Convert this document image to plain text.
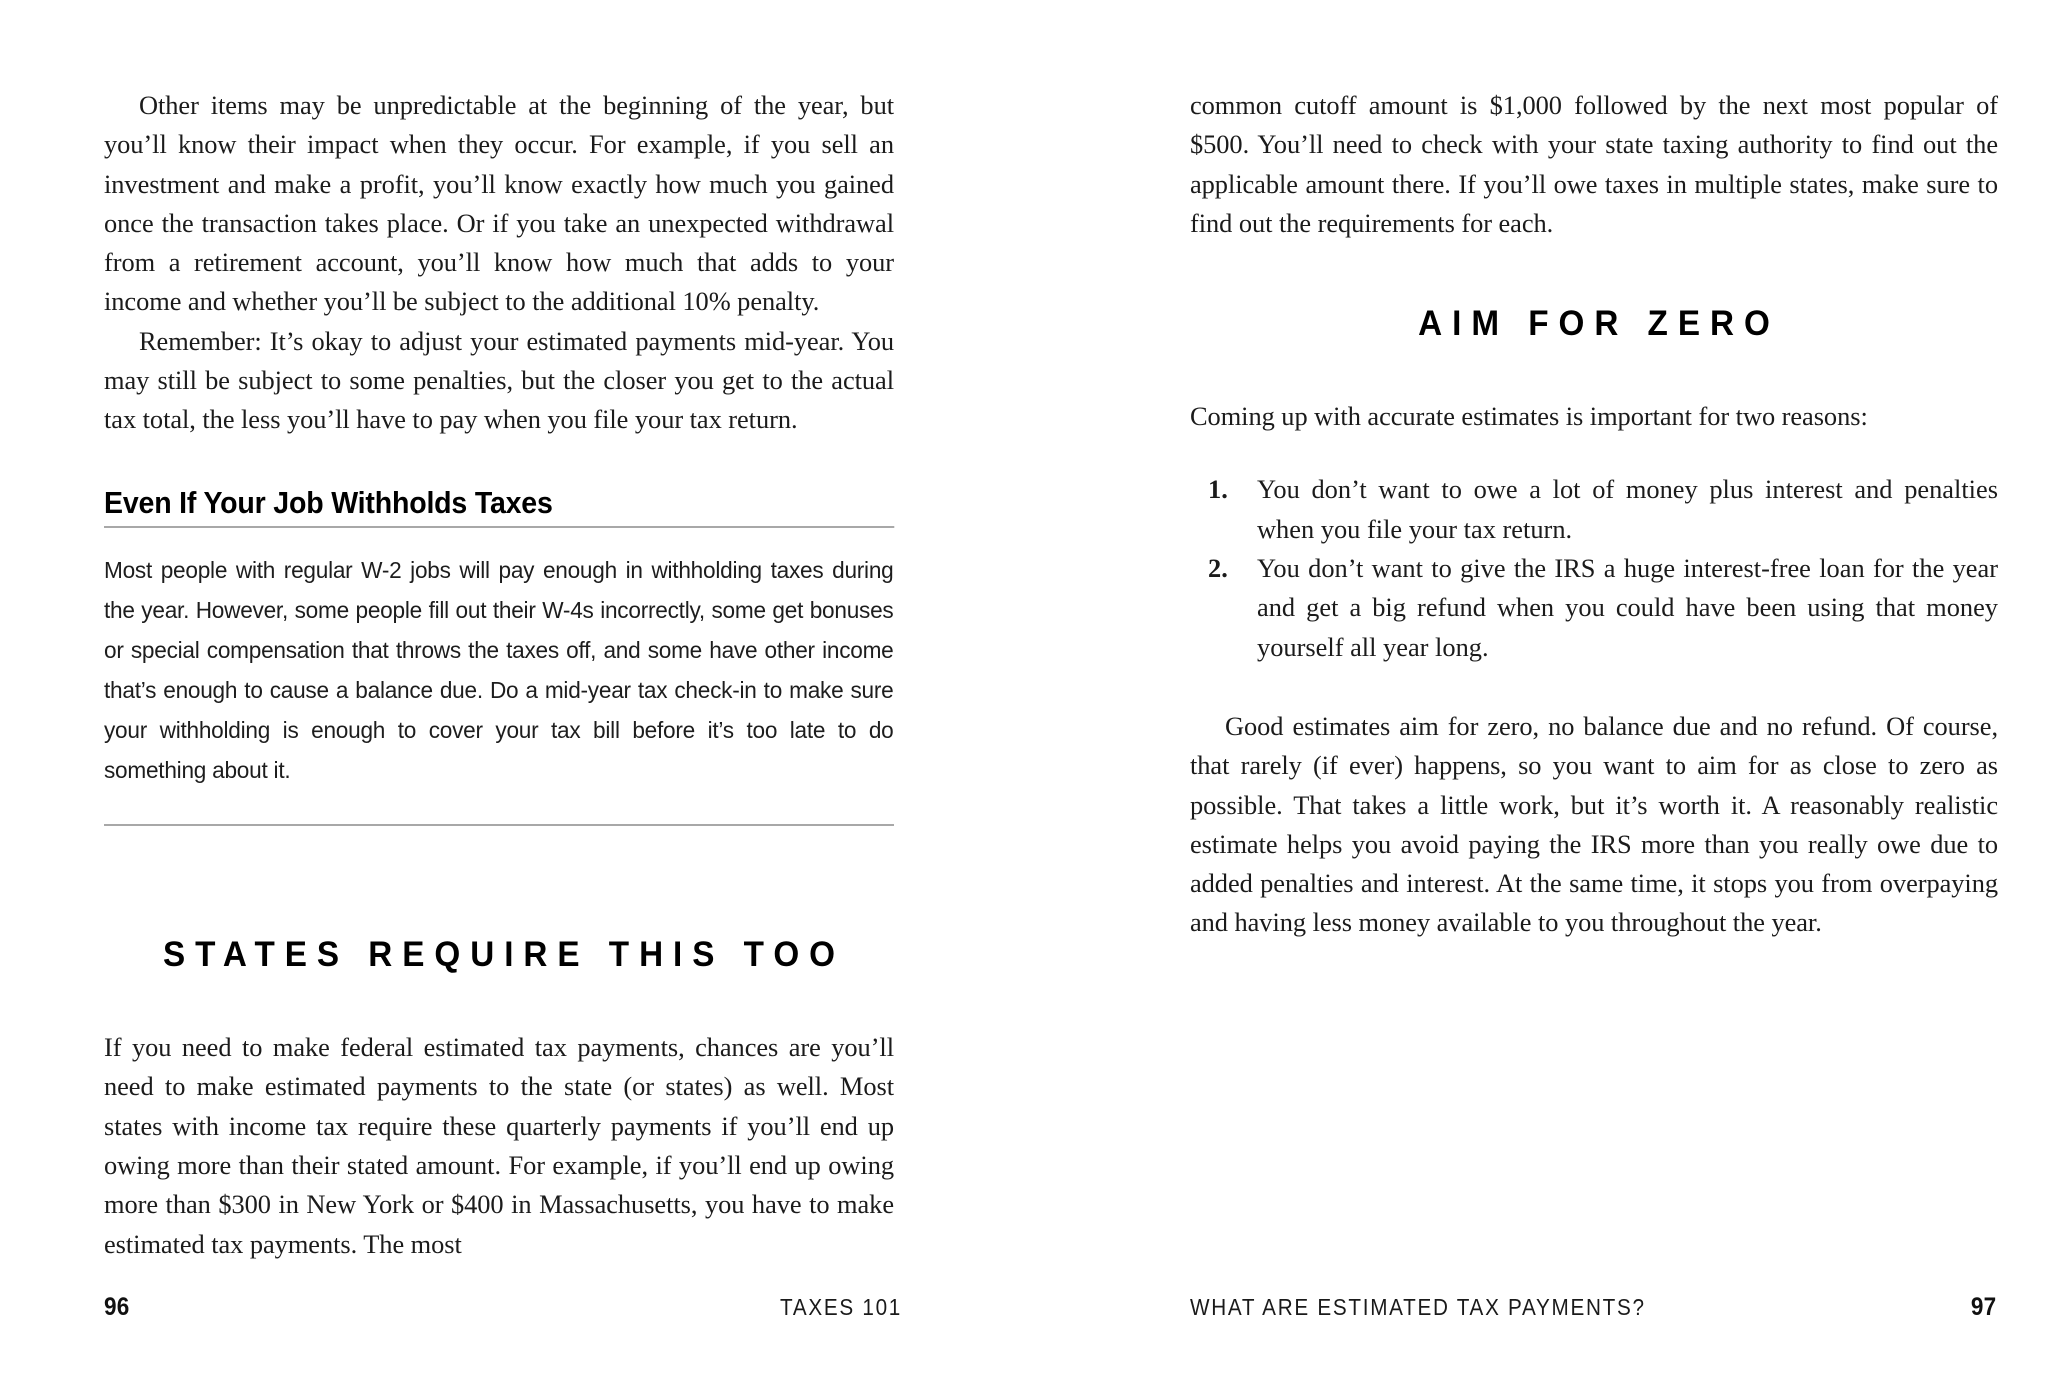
Other items may be unpredictable at the beginning of the year, but you’ll know their impact when they occur. For example, if you sell an investment and make a profit, you’ll know exactly how much you gained once the transaction takes place. Or if you take an unexpected withdrawal from a retirement account, you’ll know how much that adds to your income and whether you’ll be subject to the additional 10% penalty.

Remember: It’s okay to adjust your estimated payments mid-year. You may still be subject to some penalties, but the closer you get to the actual tax total, the less you’ll have to pay when you file your tax return.

Even If Your Job Withholds Taxes

Most people with regular W-2 jobs will pay enough in withholding taxes during the year. However, some people fill out their W-4s incorrectly, some get bonuses or special compensation that throws the taxes off, and some have other income that’s enough to cause a balance due. Do a mid-year tax check-in to make sure your withholding is enough to cover your tax bill before it’s too late to do something about it.

STATES REQUIRE THIS TOO

If you need to make federal estimated tax payments, chances are you’ll need to make estimated payments to the state (or states) as well. Most states with income tax require these quarterly payments if you’ll end up owing more than their stated amount. For example, if you’ll end up owing more than $300 in New York or $400 in Massachusetts, you have to make estimated tax payments. The most

common cutoff amount is $1,000 followed by the next most popular of $500. You’ll need to check with your state taxing authority to find out the applicable amount there. If you’ll owe taxes in multiple states, make sure to find out the requirements for each.

AIM FOR ZERO

Coming up with accurate estimates is important for two reasons:

1. You don’t want to owe a lot of money plus interest and penalties when you file your tax return.
2. You don’t want to give the IRS a huge interest-free loan for the year and get a big refund when you could have been using that money yourself all year long.

Good estimates aim for zero, no balance due and no refund. Of course, that rarely (if ever) happens, so you want to aim for as close to zero as possible. That takes a little work, but it’s worth it. A reasonably realistic estimate helps you avoid paying the IRS more than you really owe due to added penalties and interest. At the same time, it stops you from overpaying and having less money available to you throughout the year.

96	TAXES 101	WHAT ARE ESTIMATED TAX PAYMENTS?	97
